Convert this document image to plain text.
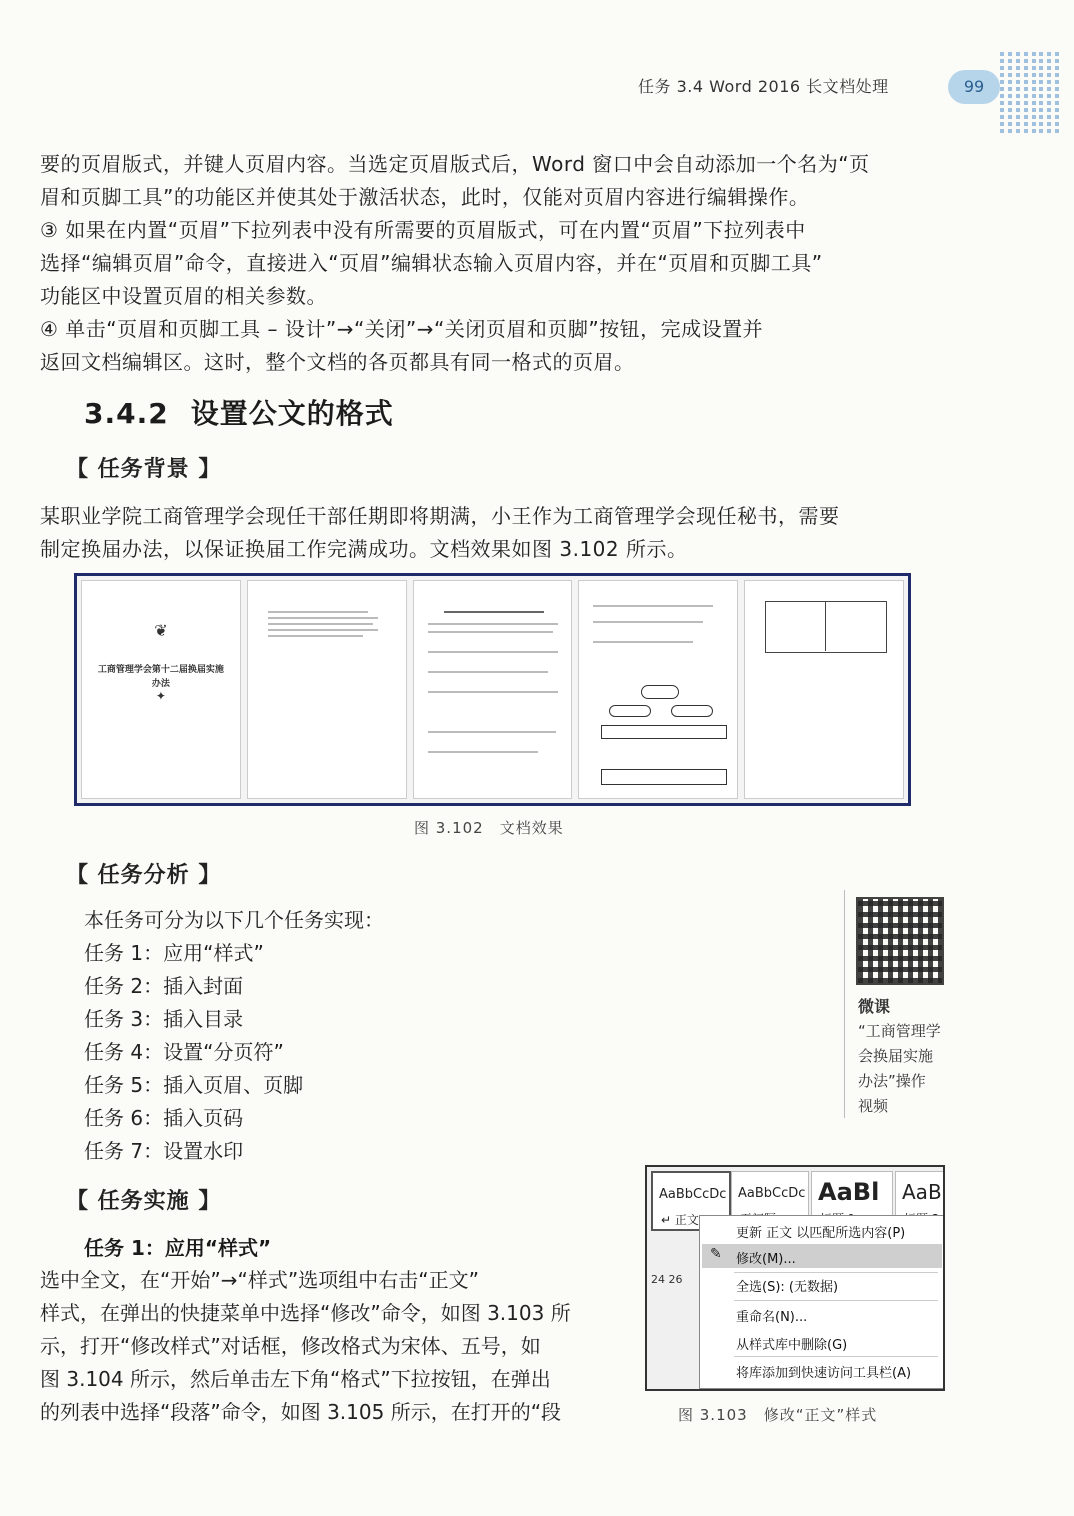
任务 3.4 Word 2016 长文档处理	99
要的页眉版式，并键人页眉内容。当选定页眉版式后，Word 窗口中会自动添加一个名为“页
眉和页脚工具”的功能区并使其处于激活状态，此时，仅能对页眉内容进行编辑操作。
③ 如果在内置“页眉”下拉列表中没有所需要的页眉版式，可在内置“页眉”下拉列表中
选择“编辑页眉”命令，直接进入“页眉”编辑状态输入页眉内容，并在“页眉和页脚工具”
功能区中设置页眉的相关参数。
④ 单击“页眉和页脚工具 – 设计”→“关闭”→“关闭页眉和页脚”按钮，完成设置并
返回文档编辑区。这时，整个文档的各页都具有同一格式的页眉。
3.4.2 设置公文的格式
【 任务背景 】
某职业学院工商管理学会现任干部任期即将期满，小王作为工商管理学会现任秘书，需要
制定换届办法，以保证换届工作完满成功。文档效果如图 3.102 所示。
❦
工商管理学会第十二届换届实施办法
✦
图 3.102 文档效果
【 任务分析 】
本任务可分为以下几个任务实现：
任务 1：应用“样式”
任务 2：插入封面
任务 3：插入目录
任务 4：设置“分页符”
任务 5：插入页眉、页脚
任务 6：插入页码
任务 7：设置水印
微课
“工商管理学
会换届实施
办法”操作
视频
【 任务实施 】
任务 1：应用“样式”
选中全文，在“开始”→“样式”选项组中右击“正文”
样式，在弹出的快捷菜单中选择“修改”命令，如图 3.103 所
示，打开“修改样式”对话框，修改格式为宋体、五号，如
图 3.104 所示，然后单击左下角“格式”下拉按钮，在弹出
的列表中选择“段落”命令，如图 3.105 所示，在打开的“段
AaBbCcDc
↵ 正文
AaBbCcDc AaBl AaB
24 26
更新 正文 以匹配所选内容(P)
✎ 修改(M)...
全选(S): (无数据)
重命名(N)...
从样式库中删除(G)
将库添加到快速访问工具栏(A)
图 3.103 修改“正文”样式
